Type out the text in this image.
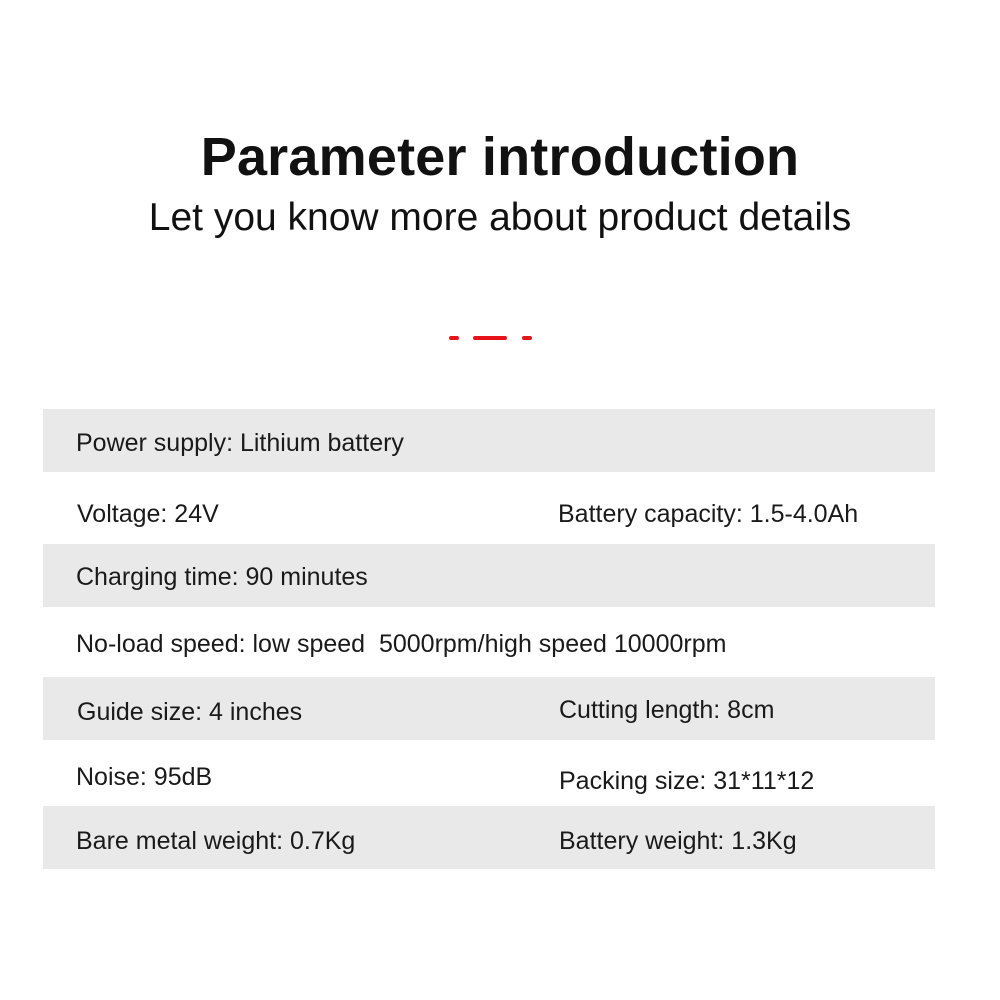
Parameter introduction
Let you know more about product details
Power supply: Lithium battery
Voltage: 24V	Battery capacity: 1.5-4.0Ah
Charging time: 90 minutes
No-load speed: low speed  5000rpm/high speed 10000rpm
Guide size: 4 inches	Cutting length: 8cm
Noise: 95dB	Packing size: 31*11*12
Bare metal weight: 0.7Kg	Battery weight: 1.3Kg
